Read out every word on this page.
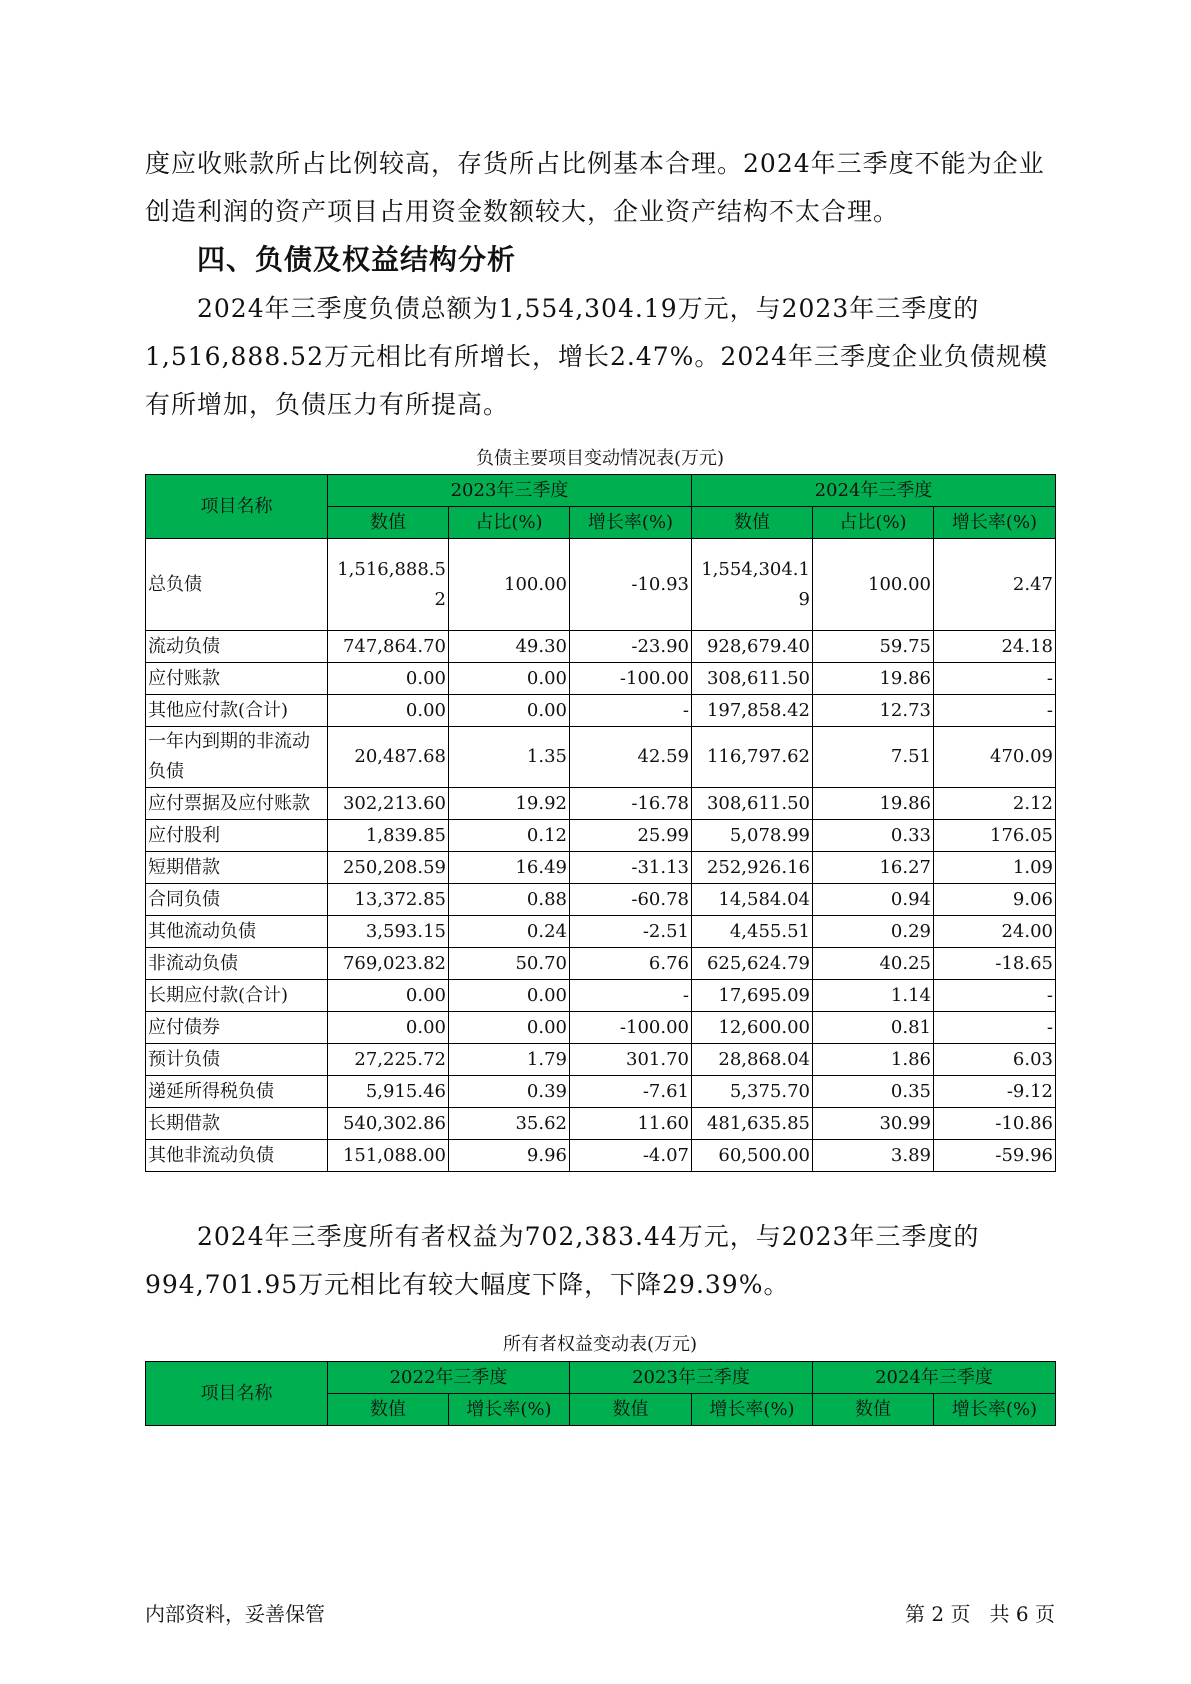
度应收账款所占比例较高，存货所占比例基本合理。2024年三季度不能为企业创造利润的资产项目占用资金数额较大，企业资产结构不太合理。

四、负债及权益结构分析

2024年三季度负债总额为1,554,304.19万元，与2023年三季度的1,516,888.52万元相比有所增长，增长2.47%。2024年三季度企业负债规模有所增加，负债压力有所提高。

负债主要项目变动情况表(万元)
项目名称	2023年三季度			2024年三季度		
	数值	占比(%)	增长率(%)	数值	占比(%)	增长率(%)
总负债	1,516,888.52	100.00	-10.93	1,554,304.19	100.00	2.47
流动负债	747,864.70	49.30	-23.90	928,679.40	59.75	24.18
应付账款	0.00	0.00	-100.00	308,611.50	19.86	-
其他应付款(合计)	0.00	0.00	-	197,858.42	12.73	-
一年内到期的非流动负债	20,487.68	1.35	42.59	116,797.62	7.51	470.09
应付票据及应付账款	302,213.60	19.92	-16.78	308,611.50	19.86	2.12
应付股利	1,839.85	0.12	25.99	5,078.99	0.33	176.05
短期借款	250,208.59	16.49	-31.13	252,926.16	16.27	1.09
合同负债	13,372.85	0.88	-60.78	14,584.04	0.94	9.06
其他流动负债	3,593.15	0.24	-2.51	4,455.51	0.29	24.00
非流动负债	769,023.82	50.70	6.76	625,624.79	40.25	-18.65
长期应付款(合计)	0.00	0.00	-	17,695.09	1.14	-
应付债券	0.00	0.00	-100.00	12,600.00	0.81	-
预计负债	27,225.72	1.79	301.70	28,868.04	1.86	6.03
递延所得税负债	5,915.46	0.39	-7.61	5,375.70	0.35	-9.12
长期借款	540,302.86	35.62	11.60	481,635.85	30.99	-10.86
其他非流动负债	151,088.00	9.96	-4.07	60,500.00	3.89	-59.96

2024年三季度所有者权益为702,383.44万元，与2023年三季度的994,701.95万元相比有较大幅度下降，下降29.39%。

所有者权益变动表(万元)
项目名称	2022年三季度		2023年三季度		2024年三季度	
	数值	增长率(%)	数值	增长率(%)	数值	增长率(%)
内部资料，妥善保管	第 2 页   共 6 页
